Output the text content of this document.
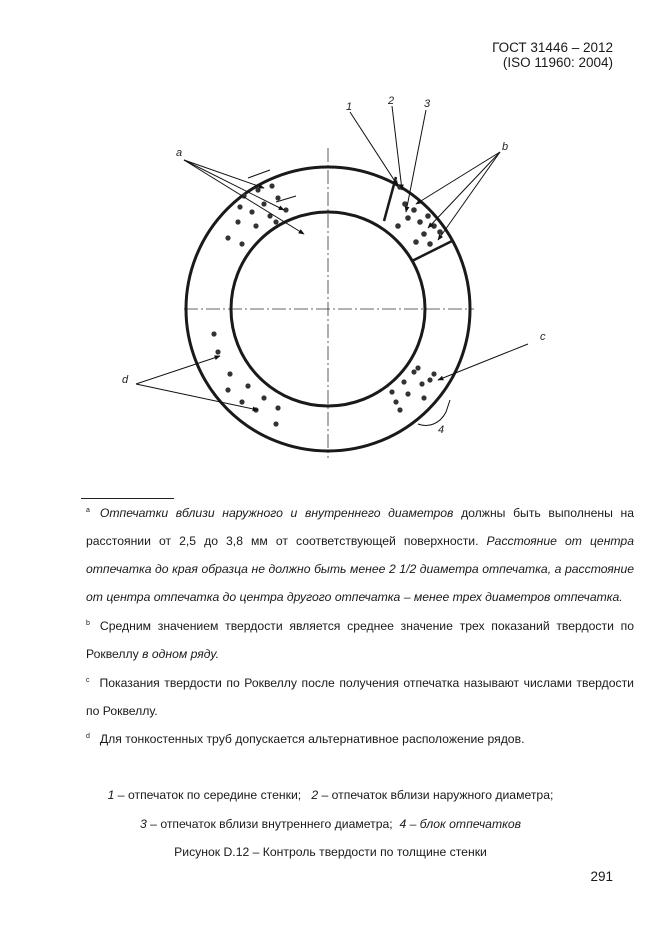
ГОСТ 31446 – 2012
(ISO 11960: 2004)
a	b
c
d
1	2	3
4
$^a$ Отпечатки вблизи наружного и внутреннего диаметров должны быть выполнены на расстоянии от 2,5 до 3,8 мм от соответствующей поверхности. Расстояние от центра отпечатка до края образца не должно быть менее 2 1/2 диаметра отпечатка, а расстояние от центра отпечатка до центра другого отпечатка – менее трех диаметров отпечатка.
$^b$ Средним значением твердости является среднее значение трех показаний твердости по Роквеллу в одном ряду.
$^c$ Показания твердости по Роквеллу после получения отпечатка называют числами твердости по Роквеллу.
$^d$ Для тонкостенных труб допускается альтернативное расположение рядов.
1 – отпечаток по середине стенки; 2 – отпечаток вблизи наружного диаметра;
3 – отпечаток вблизи внутреннего диаметра; 4 – блок отпечатков
Рисунок D.12 – Контроль твердости по толщине стенки
291
